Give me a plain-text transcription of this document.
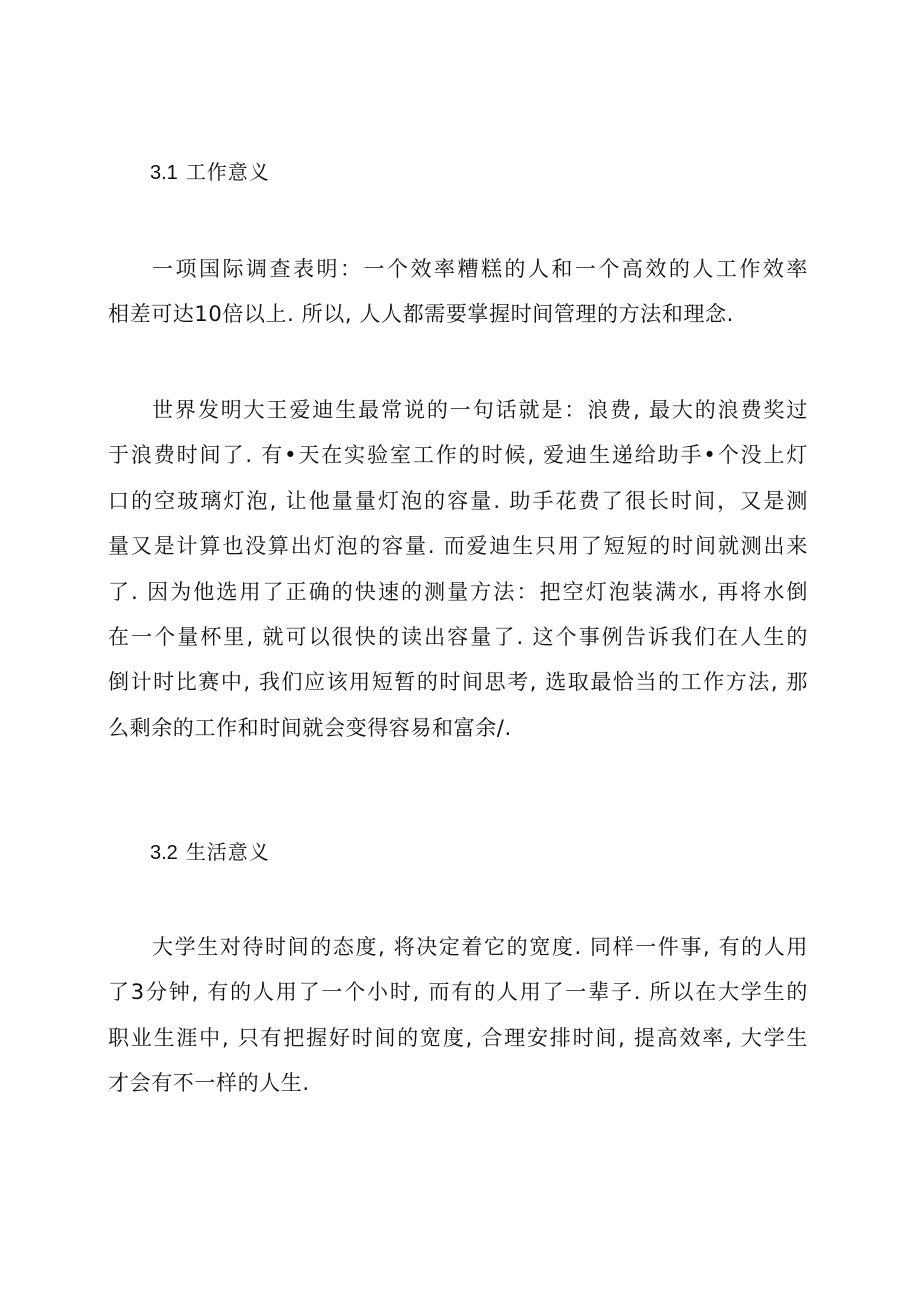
3.1 工作意义

一项国际调查表明：一个效率糟糕的人和一个高效的人工作效率
相差可达10倍以上. 所以, 人人都需要掌握时间管理的方法和理念.

世界发明大王爱迪生最常说的一句话就是：浪费, 最大的浪费奖过
于浪费时间了. 有•天在实验室工作的时候, 爱迪生递给助手•个没上灯
口的空玻璃灯泡, 让他量量灯泡的容量. 助手花费了很长时间，又是测
量又是计算也没算出灯泡的容量. 而爱迪生只用了短短的时间就测出来
了. 因为他选用了正确的快速的测量方法：把空灯泡装满水, 再将水倒
在一个量杯里, 就可以很快的读出容量了. 这个事例告诉我们在人生的
倒计时比赛中, 我们应该用短暂的时间思考, 选取最恰当的工作方法, 那
么剩余的工作和时间就会变得容易和富余/.

3.2 生活意义

大学生对待时间的态度, 将决定着它的宽度. 同样一件事, 有的人用
了3分钟, 有的人用了一个小时, 而有的人用了一辈子. 所以在大学生的
职业生涯中, 只有把握好时间的宽度, 合理安排时间, 提高效率, 大学生
才会有不一样的人生.
